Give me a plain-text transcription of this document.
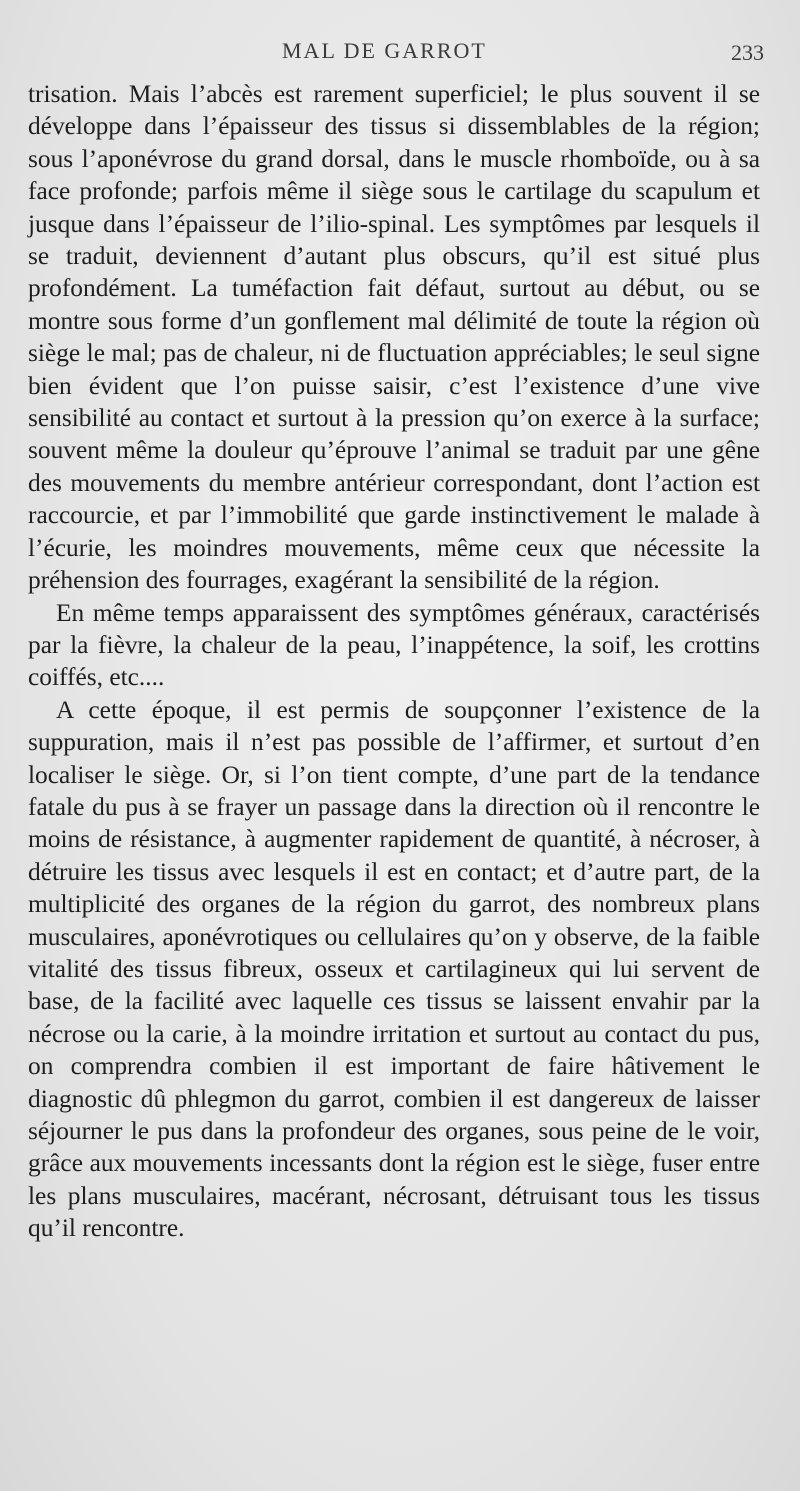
MAL DE GARROT	233

trisation. Mais l’abcès est rarement superficiel; le plus souvent il se développe dans l’épaisseur des tissus si dissemblables de la région; sous l’aponévrose du grand dorsal, dans le muscle rhomboïde, ou à sa face profonde; parfois même il siège sous le cartilage du scapulum et jusque dans l’épaisseur de l’ilio-spinal. Les symptômes par lesquels il se traduit, deviennent d’autant plus obscurs, qu’il est situé plus profondément. La tuméfaction fait défaut, surtout au début, ou se montre sous forme d’un gonflement mal délimité de toute la région où siège le mal; pas de chaleur, ni de fluctuation appréciables; le seul signe bien évident que l’on puisse saisir, c’est l’existence d’une vive sensibilité au contact et surtout à la pression qu’on exerce à la surface; souvent même la douleur qu’éprouve l’animal se traduit par une gêne des mouvements du membre antérieur correspondant, dont l’action est raccourcie, et par l’immobilité que garde instinctivement le malade à l’écurie, les moindres mouvements, même ceux que nécessite la préhension des fourrages, exagérant la sensibilité de la région.

En même temps apparaissent des symptômes généraux, caractérisés par la fièvre, la chaleur de la peau, l’inappétence, la soif, les crottins coiffés, etc....

A cette époque, il est permis de soupçonner l’existence de la suppuration, mais il n’est pas possible de l’affirmer, et surtout d’en localiser le siège. Or, si l’on tient compte, d’une part de la tendance fatale du pus à se frayer un passage dans la direction où il rencontre le moins de résistance, à augmenter rapidement de quantité, à nécroser, à détruire les tissus avec lesquels il est en contact; et d’autre part, de la multiplicité des organes de la région du garrot, des nombreux plans musculaires, aponévrotiques ou cellulaires qu’on y observe, de la faible vitalité des tissus fibreux, osseux et cartilagineux qui lui servent de base, de la facilité avec laquelle ces tissus se laissent envahir par la nécrose ou la carie, à la moindre irritation et surtout au contact du pus, on comprendra combien il est important de faire hâtivement le diagnostic dû phlegmon du garrot, combien il est dangereux de laisser séjourner le pus dans la profondeur des organes, sous peine de le voir, grâce aux mouvements incessants dont la région est le siège, fuser entre les plans musculaires, macérant, nécrosant, détruisant tous les tissus qu’il rencontre.
